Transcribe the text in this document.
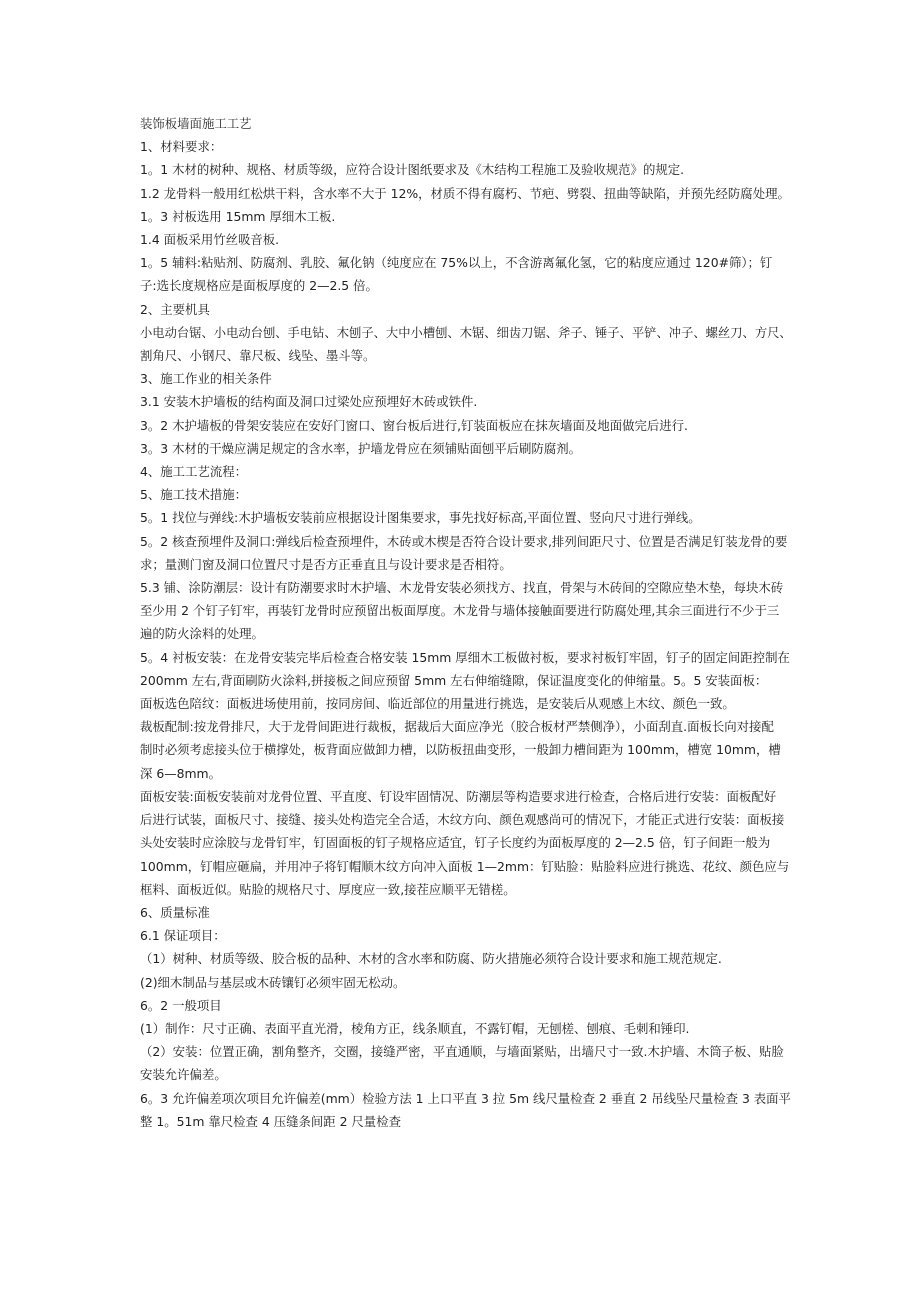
装饰板墙面施工工艺
1、材料要求：
1。1 木材的树种、规格、材质等级，应符合设计图纸要求及《木结构工程施工及验收规范》的规定.
1.2 龙骨料一般用红松烘干料，含水率不大于 12%，材质不得有腐朽、节疤、劈裂、扭曲等缺陷，并预先经防腐处理。
1。3 衬板选用 15mm 厚细木工板.
1.4 面板采用竹丝吸音板.
1。5 辅料:粘贴剂、防腐剂、乳胶、氟化钠（纯度应在 75%以上，不含游离氟化氢，它的粘度应通过 120#筛）；钉
子:选长度规格应是面板厚度的 2—2.5 倍。
2、主要机具
小电动台锯、小电动台刨、手电钻、木刨子、大中小槽刨、木锯、细齿刀锯、斧子、锤子、平铲、冲子、螺丝刀、方尺、
割角尺、小钢尺、靠尺板、线坠、墨斗等。
3、施工作业的相关条件
3.1 安装木护墙板的结构面及洞口过梁处应预埋好木砖或铁件.
3。2 木护墙板的骨架安装应在安好门窗口、窗台板后进行,钉装面板应在抹灰墙面及地面做完后进行.
3。3 木材的干燥应满足规定的含水率，护墙龙骨应在须铺贴面刨平后刷防腐剂。
4、施工工艺流程：
5、施工技术措施：
5。1 找位与弹线:木护墙板安装前应根据设计图集要求，事先找好标高,平面位置、竖向尺寸进行弹线。
5。2 核查预埋件及洞口:弹线后检查预埋件，木砖或木楔是否符合设计要求,排列间距尺寸、位置是否满足钉装龙骨的要
求；量测门窗及洞口位置尺寸是否方正垂直且与设计要求是否相符。
5.3 铺、涂防潮层：设计有防潮要求时木护墙、木龙骨安装必须找方、找直，骨架与木砖间的空隙应垫木垫，每块木砖
至少用 2 个钉子钉牢，再装钉龙骨时应预留出板面厚度。木龙骨与墙体接触面要进行防腐处理,其余三面进行不少于三
遍的防火涂料的处理。
5。4 衬板安装：在龙骨安装完毕后检查合格安装 15mm 厚细木工板做衬板，要求衬板钉牢固，钉子的固定间距控制在
200mm 左右,背面刷防火涂料,拼接板之间应预留 5mm 左右伸缩缝隙，保证温度变化的伸缩量。5。5 安装面板：
面板选色陪纹：面板进场使用前，按同房间、临近部位的用量进行挑选，是安装后从观感上木纹、颜色一致。
裁板配制:按龙骨排尺，大于龙骨间距进行裁板，据裁后大面应净光（胶合板材严禁侧净），小面刮直.面板长向对接配
制时必须考虑接头位于横撑处，板背面应做卸力槽，以防板扭曲变形，一般卸力槽间距为 100mm，槽宽 10mm，槽
深 6—8mm。
面板安装:面板安装前对龙骨位置、平直度、钉设牢固情况、防潮层等构造要求进行检查，合格后进行安装：面板配好
后进行试装，面板尺寸、接缝、接头处构造完全合适，木纹方向、颜色观感尚可的情况下，才能正式进行安装：面板接
头处安装时应涂胶与龙骨钉牢，钉固面板的钉子规格应适宜，钉子长度约为面板厚度的 2—2.5 倍，钉子间距一般为
100mm，钉帽应砸扁，并用冲子将钉帽顺木纹方向冲入面板 1—2mm：钉贴脸：贴脸料应进行挑选、花纹、颜色应与
框料、面板近似。贴脸的规格尺寸、厚度应一致,接茬应顺平无错槎。
6、质量标准
6.1 保证项目：
（1）树种、材质等级、胶合板的品种、木材的含水率和防腐、防火措施必须符合设计要求和施工规范规定.
(2)细木制品与基层或木砖镶钉必须牢固无松动。
6。2 一般项目
(1）制作：尺寸正确、表面平直光滑，棱角方正，线条顺直，不露钉帽，无刨槎、刨痕、毛刺和锤印.
（2）安装：位置正确，割角整齐，交圈，接缝严密，平直通顺，与墙面紧贴，出墙尺寸一致.木护墙、木筒子板、贴脸
安装允许偏差。
6。3 允许偏差项次项目允许偏差(mm）检验方法 1 上口平直 3 拉 5m 线尺量检查 2 垂直 2 吊线坠尺量检查 3 表面平
整 1。51m 靠尺检查 4 压缝条间距 2 尺量检查
